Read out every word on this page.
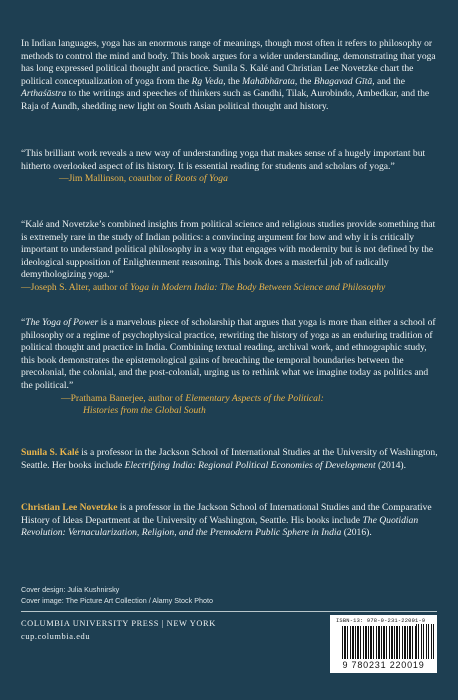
In Indian languages, yoga has an enormous range of meanings, though most often it refers to philosophy or methods to control the mind and body. This book argues for a wider understanding, demonstrating that yoga has long expressed political thought and practice. Sunila S. Kalé and Christian Lee Novetzke chart the political conceptualization of yoga from the Rg Veda, the Mahābhārata, the Bhagavad Gītā, and the Arthaśāstra to the writings and speeches of thinkers such as Gandhi, Tilak, Aurobindo, Ambedkar, and the Raja of Aundh, shedding new light on South Asian political thought and history.

“This brilliant work reveals a new way of understanding yoga that makes sense of a hugely important but hitherto overlooked aspect of its history. It is essential reading for students and scholars of yoga.”

—Jim Mallinson, coauthor of Roots of Yoga

“Kalé and Novetzke’s combined insights from political science and religious studies provide something that is extremely rare in the study of Indian politics: a convincing argument for how and why it is critically important to understand political philosophy in a way that engages with modernity but is not defined by the ideological supposition of Enlightenment reasoning. This book does a masterful job of radically demythologizing yoga.”

—Joseph S. Alter, author of Yoga in Modern India: The Body Between Science and Philosophy

“The Yoga of Power is a marvelous piece of scholarship that argues that yoga is more than either a school of philosophy or a regime of psychophysical practice, rewriting the history of yoga as an enduring tradition of political thought and practice in India. Combining textual reading, archival work, and ethnographic study, this book demonstrates the epistemological gains of breaching the temporal boundaries between the precolonial, the colonial, and the post-colonial, urging us to rethink what we imagine today as politics and the political.”

—Prathama Banerjee, author of Elementary Aspects of the Political:

Histories from the Global South

Sunila S. Kalé is a professor in the Jackson School of International Studies at the University of Washington, Seattle. Her books include Electrifying India: Regional Political Economies of Development (2014).

Christian Lee Novetzke is a professor in the Jackson School of International Studies and the Comparative History of Ideas Department at the University of Washington, Seattle. His books include The Quotidian Revolution: Vernacularization, Religion, and the Premodern Public Sphere in India (2016).

Cover design: Julia Kushnirsky
Cover image: The Picture Art Collection / Alamy Stock Photo
COLUMBIA UNIVERSITY PRESS | NEW YORK
cup.columbia.edu
ISBN-13: 978-0-231-22001-9
9 780231 220019
